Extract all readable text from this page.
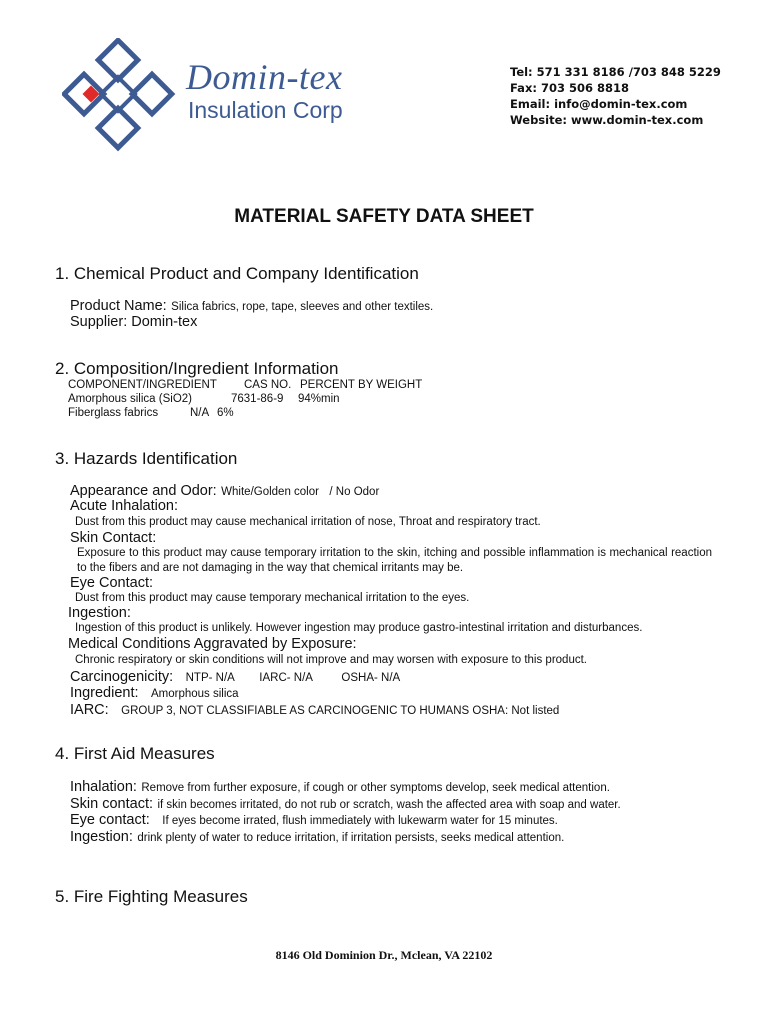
Domin-tex
Insulation Corp
Tel: 571 331 8186 /703 848 5229
Fax: 703 506 8818
Email: info@domin-tex.com
Website: www.domin-tex.com
MATERIAL SAFETY DATA SHEET
1. Chemical Product and Company Identification
Product Name: Silica fabrics, rope, tape, sleeves and other textiles.
Supplier: Domin-tex
2. Composition/Ingredient Information
COMPONENT/INGREDIENT CAS NO. PERCENT BY WEIGHT
Amorphous silica (SiO2)	7631-86-9 94%min
Fiberglass fabrics	N/A 6%
3. Hazards Identification
Appearance and Odor: White/Golden color / No Odor
Acute Inhalation:
Dust from this product may cause mechanical irritation of nose, Throat and respiratory tract.
Skin Contact:
Exposure to this product may cause temporary irritation to the skin, itching and possible inflammation is mechanical reaction to the fibers and are not damaging in the way that chemical irritants may be.
Eye Contact:
Dust from this product may cause temporary mechanical irritation to the eyes.
Ingestion:
Ingestion of this product is unlikely. However ingestion may produce gastro-intestinal irritation and disturbances.
Medical Conditions Aggravated by Exposure:
Chronic respiratory or skin conditions will not improve and may worsen with exposure to this product.
Carcinogenicity: NTP- N/A IARC- N/A OSHA- N/A
Ingredient: Amorphous silica
IARC: GROUP 3, NOT CLASSIFIABLE AS CARCINOGENIC TO HUMANS OSHA: Not listed
4. First Aid Measures
Inhalation: Remove from further exposure, if cough or other symptoms develop, seek medical attention.
Skin contact: if skin becomes irritated, do not rub or scratch, wash the affected area with soap and water.
Eye contact: If eyes become irrated, flush immediately with lukewarm water for 15 minutes.
Ingestion: drink plenty of water to reduce irritation, if irritation persists, seeks medical attention.
5. Fire Fighting Measures
8146 Old Dominion Dr., Mclean, VA 22102
